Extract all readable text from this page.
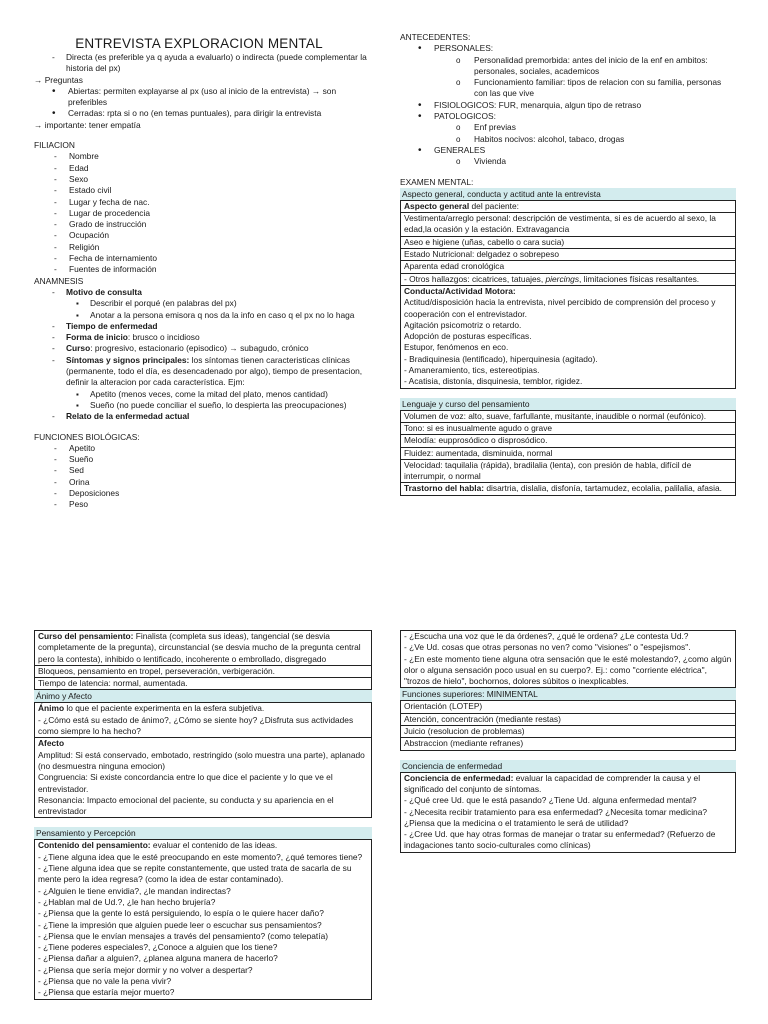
ENTREVISTA EXPLORACION MENTAL
- Directa (es preferible ya q ayuda a evaluarlo) o indirecta (puede complementar la historia del px)
→ Preguntas
• Abiertas: permiten explayarse al px (uso al inicio de la entrevista) → son preferibles
• Cerradas: rpta si o no (en temas puntuales), para dirigir la entrevista
→ importante: tener empatía
FILIACION
- Nombre
- Edad
- Sexo
- Estado civil
- Lugar y fecha de nac.
- Lugar de procedencia
- Grado de instrucción
- Ocupación
- Religión
- Fecha de internamiento
- Fuentes de información
ANAMNESIS
- Motivo de consulta
▪ Describir el porqué (en palabras del px)
▪ Anotar a la persona emisora q nos da la info en caso q el px no lo haga
- Tiempo de enfermedad
- Forma de inicio: brusco o incidioso
- Curso: progresivo, estacionario (episodico) → subagudo, crónico
- Síntomas y signos principales: los síntomas tienen caracteristicas clínicas (permanente, todo el día, es desencadenado por algo), tiempo de presentacion, definir la alteracion por cada característica. Ejm:
▪ Apetito (menos veces, come la mitad del plato, menos cantidad)
▪ Sueño (no puede conciliar el sueño, lo despierta las preocupaciones)
- Relato de la enfermedad actual
FUNCIONES BIOLÓGICAS:
- Apetito
- Sueño
- Sed
- Orina
- Deposiciones
- Peso
ANTECEDENTES:
• PERSONALES:
o Personalidad premorbida: antes del inicio de la enf en ambitos: personales, sociales, academicos
o Funcionamiento familiar: tipos de relacion con su familia, personas con las que vive
• FISIOLOGICOS: FUR, menarquia, algun tipo de retraso
• PATOLOGICOS:
o Enf previas
o Habitos nocivos: alcohol, tabaco, drogas
• GENERALES
o Vivienda
EXAMEN MENTAL:
Aspecto general, conducta y actitud ante la entrevista
Aspecto general del paciente:
Vestimenta/arreglo personal: descripción de vestimenta, si es de acuerdo al sexo, la edad,la ocasión y la estación. Extravagancia
Aseo e higiene (uñas, cabello o cara sucia)
Estado Nutricional: delgadez o sobrepeso
Aparenta edad cronológica
- Otros hallazgos: cicatrices, tatuajes, piercings, limitaciones físicas resaltantes.
Conducta/Actividad Motora:
Actitud/disposición hacia la entrevista, nivel percibido de comprensión del proceso y cooperación con el entrevistador.
Agitación psicomotriz o retardo.
Adopción de posturas específicas.
Estupor, fenómenos en eco.
- Bradiquinesia (lentificado), hiperquinesia (agitado).
- Amaneramiento, tics, estereotipias.
- Acatisia, distonía, disquinesia, temblor, rigidez.
Lenguaje y curso del pensamiento
Volumen de voz: alto, suave, farfullante, musitante, inaudible o normal (eufónico).
Tono: si es inusualmente agudo o grave
Melodía: eupprosódico o disprosódico.
Fluidez: aumentada, disminuida, normal
Velocidad: taquilalia (rápida), bradilalia (lenta), con presión de habla, difícil de interrumpir, o normal
Trastorno del habla: disartria, dislalia, disfonía, tartamudez, ecolalia, palilalia, afasia.
Curso del pensamiento: Finalista (completa sus ideas), tangencial (se desvia completamente de la pregunta), circunstancial (se desvia mucho de la pregunta central pero la contesta), inhibido o lentificado, incoherente o embrollado, disgregado
Bloqueos, pensamiento en tropel, perseveración, verbigeración.
Tiempo de latencia: normal, aumentada.
Ánimo y Afecto
Ánimo lo que el paciente experimenta en la esfera subjetiva.
- ¿Cómo está su estado de ánimo?, ¿Cómo se siente hoy? ¿Disfruta sus actividades como siempre lo ha hecho?

Afecto
Amplitud: Si está conservado, embotado, restringido (solo muestra una parte), aplanado (no desmuestra ninguna emocion)
Congruencia: Si existe concordancia entre lo que dice el paciente y lo que ve el entrevistador.
Resonancia: Impacto emocional del paciente, su conducta y su apariencia en el entrevistador
Pensamiento y Percepción
Contenido del pensamiento: evaluar el contenido de las ideas.
- ¿Tiene alguna idea que le esté preocupando en este momento?, ¿qué temores tiene?
- ¿Tiene alguna idea que se repite constantemente, que usted trata de sacarla de su mente pero la idea regresa? (como la idea de estar contaminado).
- ¿Alguien le tiene envidia?, ¿le mandan indirectas?
- ¿Hablan mal de Ud.?, ¿le han hecho brujería?
- ¿Piensa que la gente lo está persiguiendo, lo espía o le quiere hacer daño?
- ¿Tiene la impresión que alguien puede leer o escuchar sus pensamientos?
- ¿Piensa que le envían mensajes a través del pensamiento? (como telepatía)
- ¿Tiene poderes especiales?, ¿Conoce a alguien que los tiene?
- ¿Piensa dañar a alguien?, ¿planea alguna manera de hacerlo?
- ¿Piensa que sería mejor dormir y no volver a despertar?
- ¿Piensa que no vale la pena vivir?
- ¿Piensa que estaría mejor muerto?
- ¿Escucha una voz que le da órdenes?, ¿qué le ordena? ¿Le contesta Ud.?
- ¿Ve Ud. cosas que otras personas no ven? como "visiones" o "espejismos".
- ¿En este momento tiene alguna otra sensación que le esté molestando?, ¿como algún olor o alguna sensación poco usual en su cuerpo?. Ej.: como "corriente eléctrica", "trozos de hielo", bochornos, dolores súbitos o inexplicables.
Funciones superiores: MINIMENTAL
Orientación (LOTEP)
Atención, concentración (mediante restas)
Juicio (resolucion de problemas)
Abstraccion (mediante refranes)
Conciencia de enfermedad
Conciencia de enfermedad: evaluar la capacidad de comprender la causa y el significado del conjunto de síntomas.
- ¿Qué cree Ud. que le está pasando? ¿Tiene Ud. alguna enfermedad mental?
- ¿Necesita recibir tratamiento para esa enfermedad? ¿Necesita tomar medicina? ¿Piensa que la medicina o el tratamiento le será de utilidad?
- ¿Cree Ud. que hay otras formas de manejar o tratar su enfermedad? (Refuerzo de indagaciones tanto socio-culturales como clínicas)
